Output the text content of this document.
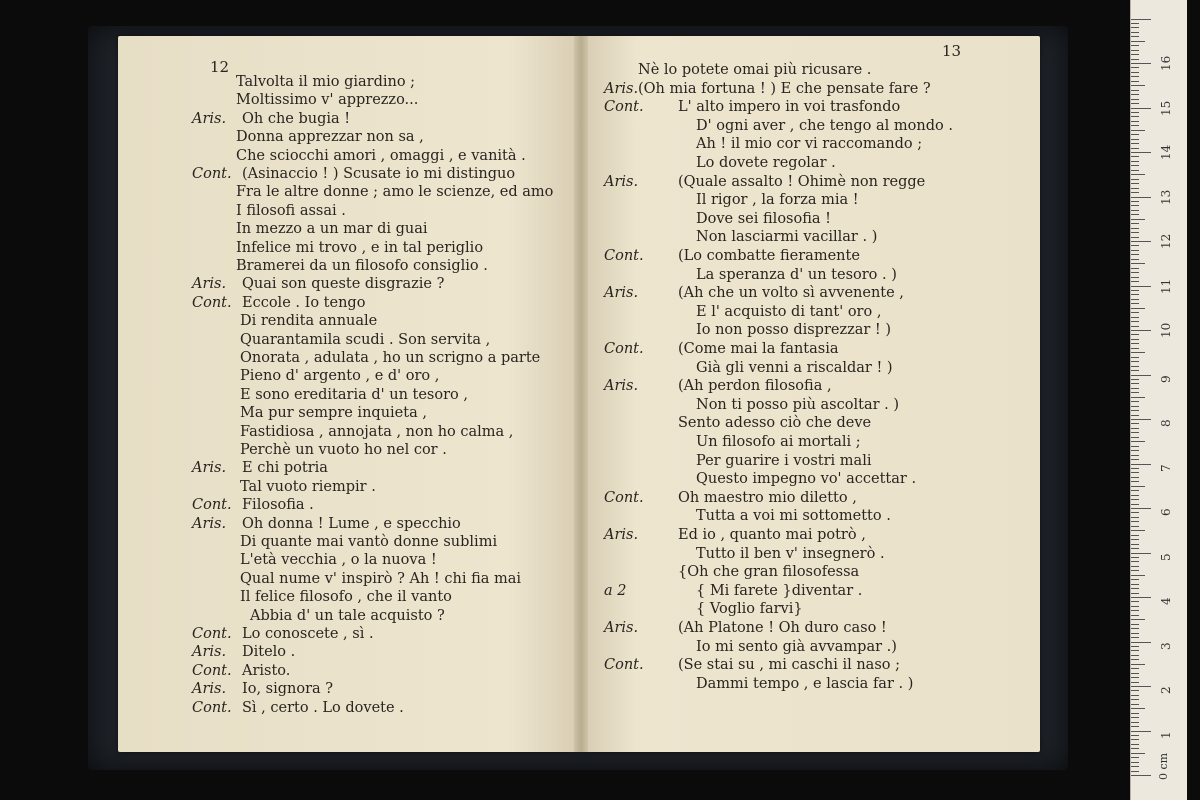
12
Talvolta il mio giardino ;
Moltissimo v' apprezzo...
Aris. Oh che bugia !
Donna apprezzar non sa ,
Che sciocchi amori , omaggi , e vanità .
Cont. (Asinaccio ! ) Scusate io mi distinguo
Fra le altre donne ; amo le scienze, ed amo
I filosofi assai .
In mezzo a un mar di guai
Infelice mi trovo , e in tal periglio
Bramerei da un filosofo consiglio .
Aris. Quai son queste disgrazie ?
Cont. Eccole . Io tengo
Di rendita annuale
Quarantamila scudi . Son servita ,
Onorata , adulata , ho un scrigno a parte
Pieno d' argento , e d' oro ,
E sono ereditaria d' un tesoro ,
Ma pur sempre inquieta ,
Fastidiosa , annojata , non ho calma ,
Perchè un vuoto ho nel cor .
Aris. E chi potria
Tal vuoto riempir .
Cont. Filosofia .
Aris. Oh donna ! Lume , e specchio
Di quante mai vantò donne sublimi
L'età vecchia , o la nuova !
Qual nume v' inspirò ? Ah ! chi fia mai
Il felice filosofo , che il vanto
Abbia d' un tale acquisto ?
Cont. Lo conoscete , sì .
Aris. Ditelo .
Cont. Aristo.
Aris. Io, signora ?
Cont. Sì , certo . Lo dovete .
13
Nè lo potete omai più ricusare .
Aris. (Oh mia fortuna ! ) E che pensate fare ?
Cont. L' alto impero in voi trasfondo
D' ogni aver , che tengo al mondo .
Ah ! il mio cor vi raccomando ;
Lo dovete regolar .
Aris.	(Quale assalto ! Ohimè non regge
Il rigor , la forza mia !
Dove sei filosofia !
Non lasciarmi vacillar . )
Cont. (Lo combatte fieramente
La speranza d' un tesoro . )
Aris.	(Ah che un volto sì avvenente ,
E l' acquisto di tant' oro ,
Io non posso disprezzar ! )
Cont. (Come mai la fantasia
Già gli venni a riscaldar ! )
Aris.	(Ah perdon filosofia ,
Non ti posso più ascoltar . )
Sento adesso ciò che deve
Un filosofo ai mortali ;
Per guarire i vostri mali
Questo impegno vo' accettar .
Cont. Oh maestro mio diletto ,
Tutta a voi mi sottometto .
Aris.	Ed io , quanto mai potrò ,
Tutto il ben v' insegnerò .
{Oh che gran filosofessa
a 2	{ Mi farete }diventar .
{ Voglio farvi}
Aris.	(Ah Platone ! Oh duro caso !
Io mi sento già avvampar .)
Cont. (Se stai su , mi caschi il naso ;
Dammi tempo , e lascia far . )
0 cm
16
15
14
13
12
11
10
9
8
7
6
5
4
3
2
1
